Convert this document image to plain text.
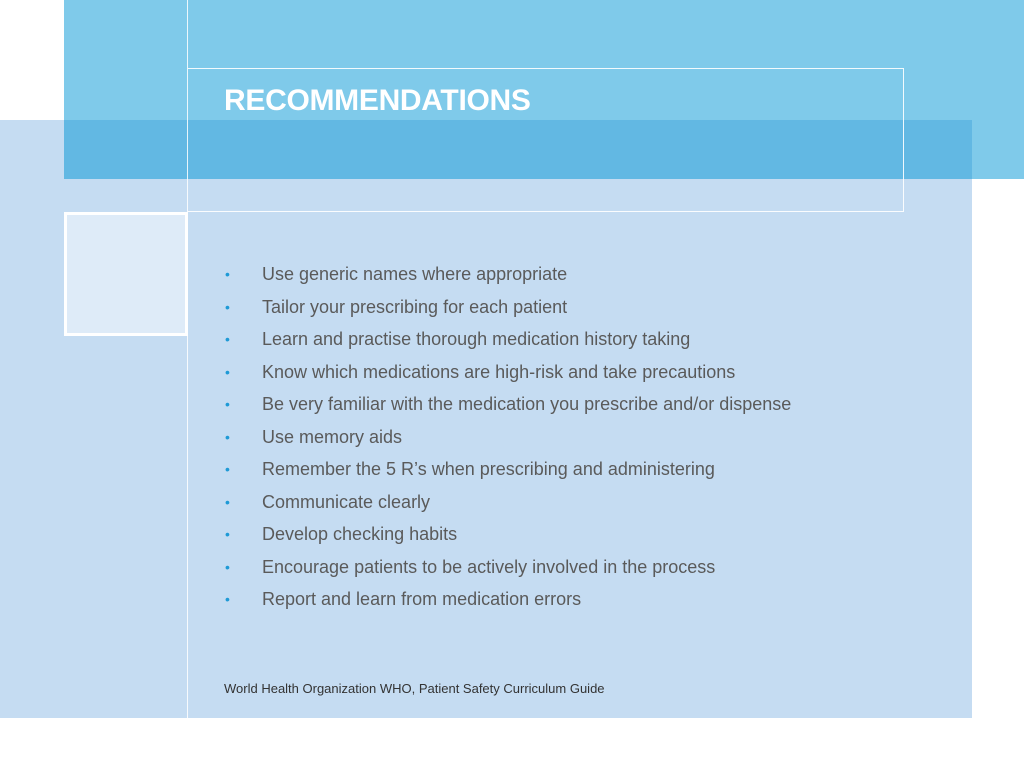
RECOMMENDATIONS
• Use generic names where appropriate
• Tailor your prescribing for each patient
• Learn and practise thorough medication history taking
• Know which medications are high-risk and take precautions
• Be very familiar with the medication you prescribe and/or dispense
• Use memory aids
• Remember the 5 R’s when prescribing and administering
• Communicate clearly
• Develop checking habits
• Encourage patients to be actively involved in the process
• Report and learn from medication errors

World Health Organization WHO, Patient Safety Curriculum Guide
